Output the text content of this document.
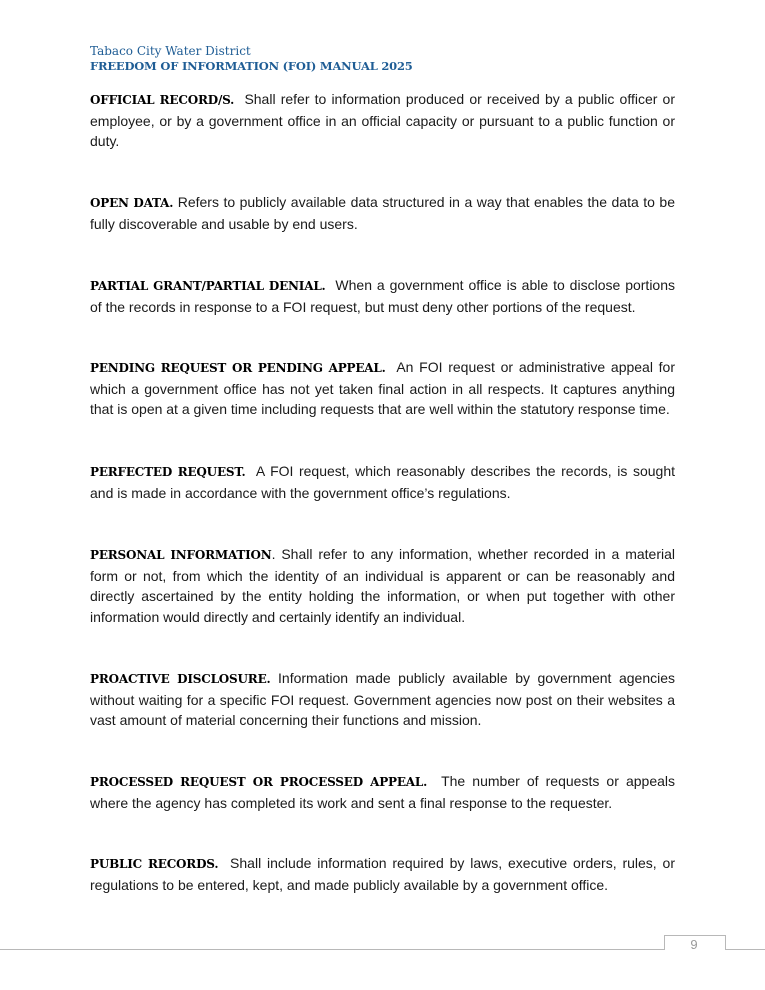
Tabaco City Water District
FREEDOM OF INFORMATION (FOI) MANUAL 2025

OFFICIAL RECORD/S. Shall refer to information produced or received by a public officer or employee, or by a government office in an official capacity or pursuant to a public function or duty.

OPEN DATA. Refers to publicly available data structured in a way that enables the data to be fully discoverable and usable by end users.

PARTIAL GRANT/PARTIAL DENIAL. When a government office is able to disclose portions of the records in response to a FOI request, but must deny other portions of the request.

PENDING REQUEST OR PENDING APPEAL. An FOI request or administrative appeal for which a government office has not yet taken final action in all respects. It captures anything that is open at a given time including requests that are well within the statutory response time.

PERFECTED REQUEST. A FOI request, which reasonably describes the records, is sought and is made in accordance with the government office’s regulations.

PERSONAL INFORMATION. Shall refer to any information, whether recorded in a material form or not, from which the identity of an individual is apparent or can be reasonably and directly ascertained by the entity holding the information, or when put together with other information would directly and certainly identify an individual.

PROACTIVE DISCLOSURE. Information made publicly available by government agencies without waiting for a specific FOI request. Government agencies now post on their websites a vast amount of material concerning their functions and mission.

PROCESSED REQUEST OR PROCESSED APPEAL. The number of requests or appeals where the agency has completed its work and sent a final response to the requester.

PUBLIC RECORDS. Shall include information required by laws, executive orders, rules, or regulations to be entered, kept, and made publicly available by a government office.

9
